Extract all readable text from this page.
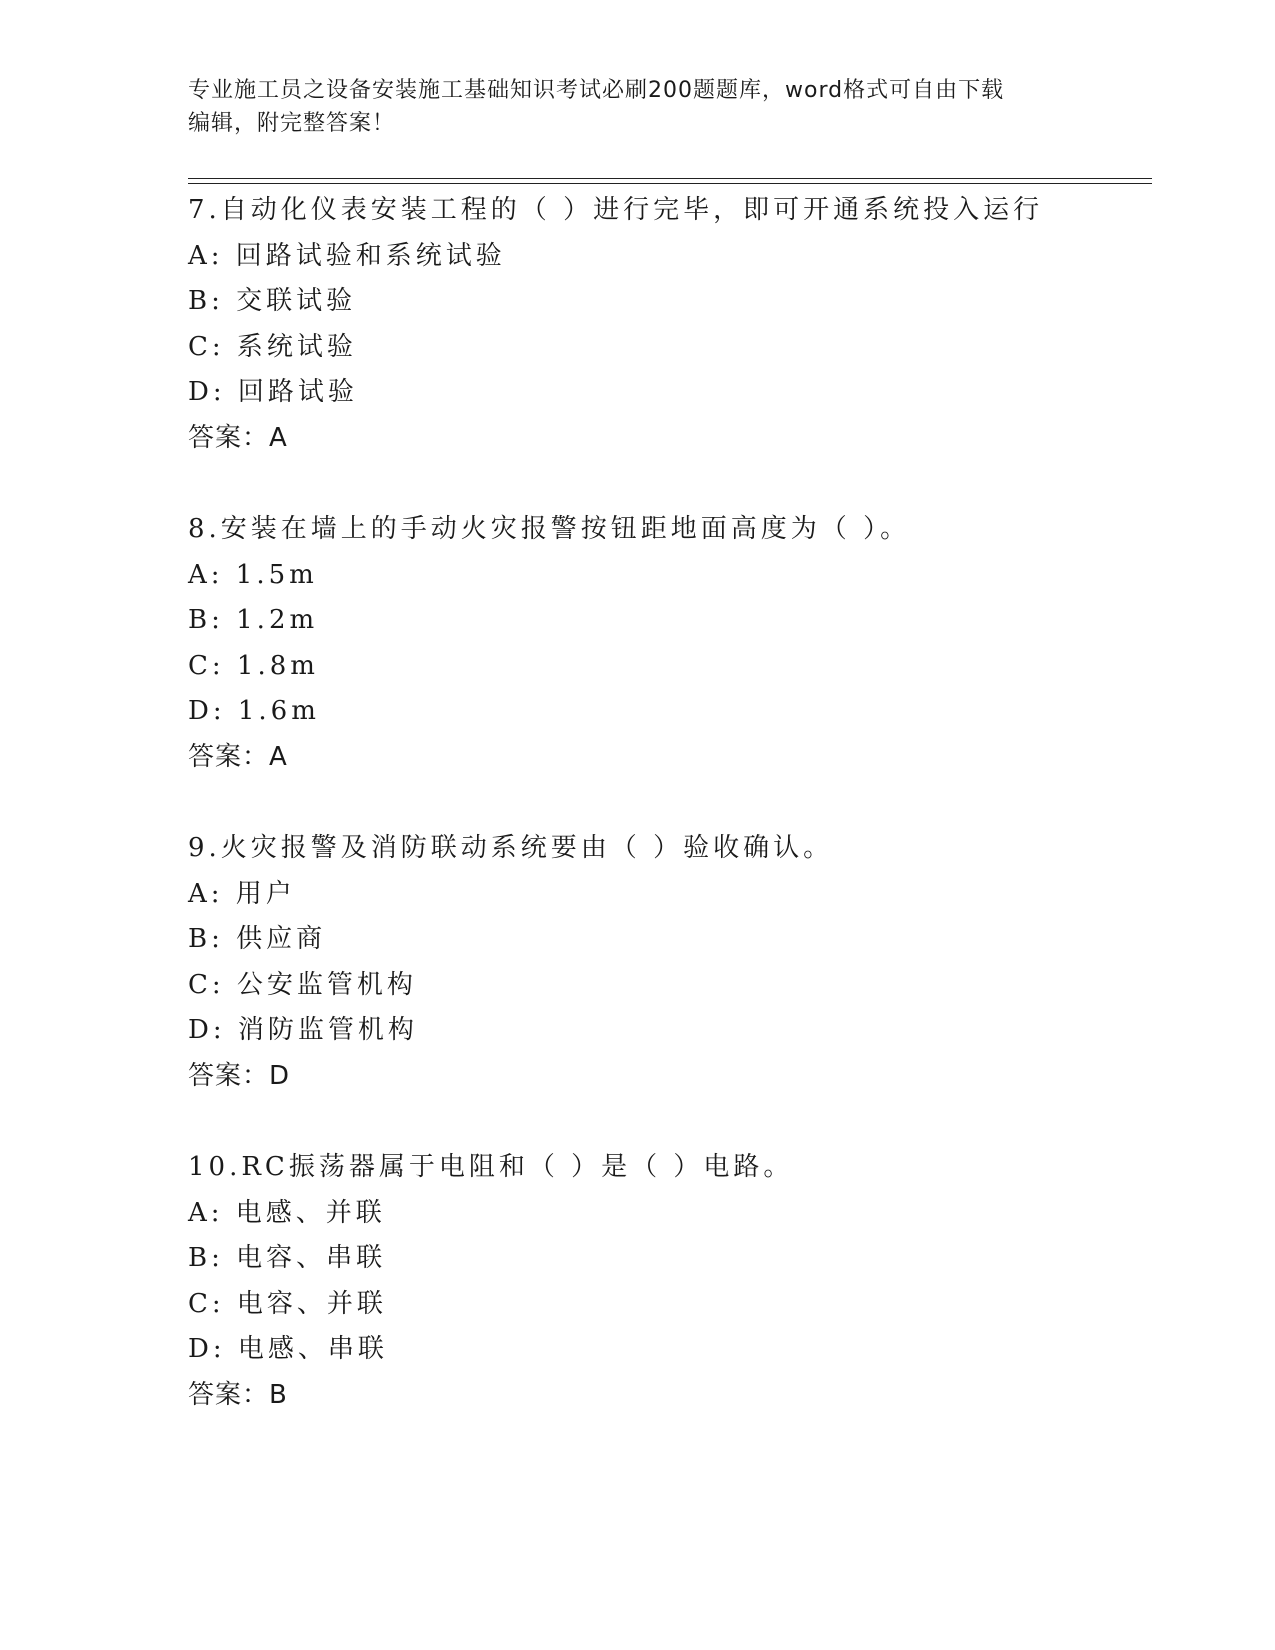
专业施工员之设备安装施工基础知识考试必刷200题题库，word格式可自由下载
编辑，附完整答案！
7.自动化仪表安装工程的（ ）进行完毕，即可开通系统投入运行
A: 回路试验和系统试验
B: 交联试验
C: 系统试验
D: 回路试验
答案：A
8.安装在墙上的手动火灾报警按钮距地面高度为（ ）。
A: 1.5m
B: 1.2m
C: 1.8m
D: 1.6m
答案：A
9.火灾报警及消防联动系统要由（ ）验收确认。
A: 用户
B: 供应商
C: 公安监管机构
D: 消防监管机构
答案：D
10.RC振荡器属于电阻和（ ）是（ ）电路。
A: 电感、并联
B: 电容、串联
C: 电容、并联
D: 电感、串联
答案：B
